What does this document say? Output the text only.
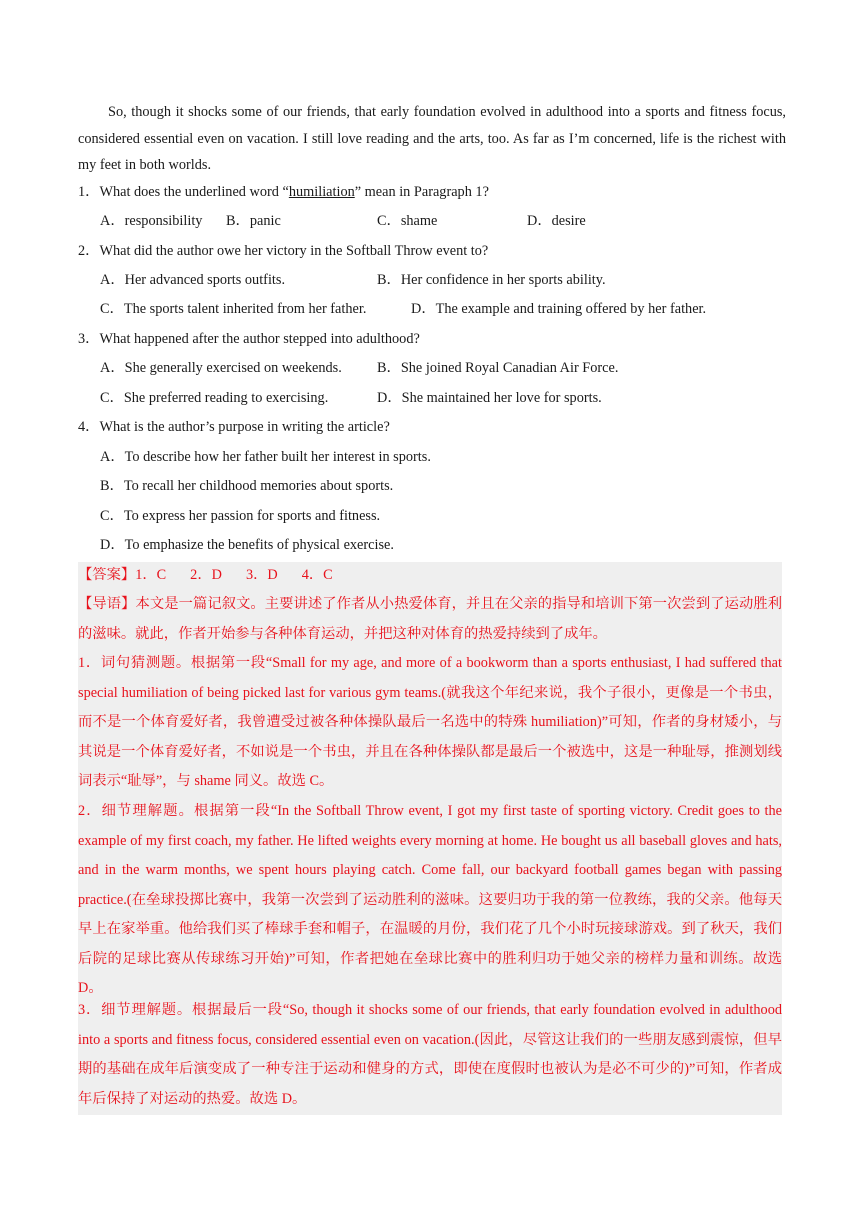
So, though it shocks some of our friends, that early foundation evolved in adulthood into a sports and fitness focus, considered essential even on vacation. I still love reading and the arts, too. As far as I’m concerned, life is the richest with my feet in both worlds.

1．What does the underlined word “humiliation” mean in Paragraph 1?
A．responsibility B．panic	C．shame	D．desire
2．What did the author owe her victory in the Softball Throw event to?
A．Her advanced sports outfits.	B．Her confidence in her sports ability.
C．The sports talent inherited from her father.	D．The example and training offered by her father.
3．What happened after the author stepped into adulthood?
A．She generally exercised on weekends. B．She joined Royal Canadian Air Force.
C．She preferred reading to exercising.	D．She maintained her love for sports.
4．What is the author’s purpose in writing the article?
A．To describe how her father built her interest in sports.
B．To recall her childhood memories about sports.
C．To express her passion for sports and fitness.
D．To emphasize the benefits of physical exercise.
【答案】1．C 2．D 3．D 4．C

【导语】本文是一篇记叙文。主要讲述了作者从小热爱体育，并且在父亲的指导和培训下第一次尝到了运动胜利的滋味。就此，作者开始参与各种体育运动，并把这种对体育的热爱持续到了成年。

1．词句猜测题。根据第一段“Small for my age, and more of a bookworm than a sports enthusiast, I had suffered that special humiliation of being picked last for various gym teams.(就我这个年纪来说，我个子很小，更像是一个书虫，而不是一个体育爱好者，我曾遭受过被各种体操队最后一名选中的特殊 humiliation)”可知，作者的身材矮小，与其说是一个体育爱好者，不如说是一个书虫，并且在各种体操队都是最后一个被选中，这是一种耻辱，推测划线词表示“耻辱”，与 shame 同义。故选 C。

2．细节理解题。根据第一段“In the Softball Throw event, I got my first taste of sporting victory. Credit goes to the example of my first coach, my father. He lifted weights every morning at home. He bought us all baseball gloves and hats, and in the warm months, we spent hours playing catch. Come fall, our backyard football games began with passing practice.(在垒球投掷比赛中，我第一次尝到了运动胜利的滋味。这要归功于我的第一位教练，我的父亲。他每天早上在家举重。他给我们买了棒球手套和帽子，在温暖的月份，我们花了几个小时玩接球游戏。到了秋天，我们后院的足球比赛从传球练习开始)”可知，作者把她在垒球比赛中的胜利归功于她父亲的榜样力量和训练。故选 D。

3．细节理解题。根据最后一段“So, though it shocks some of our friends, that early foundation evolved in adulthood into a sports and fitness focus, considered essential even on vacation.(因此，尽管这让我们的一些朋友感到震惊，但早期的基础在成年后演变成了一种专注于运动和健身的方式，即使在度假时也被认为是必不可少的)”可知，作者成年后保持了对运动的热爱。故选 D。
